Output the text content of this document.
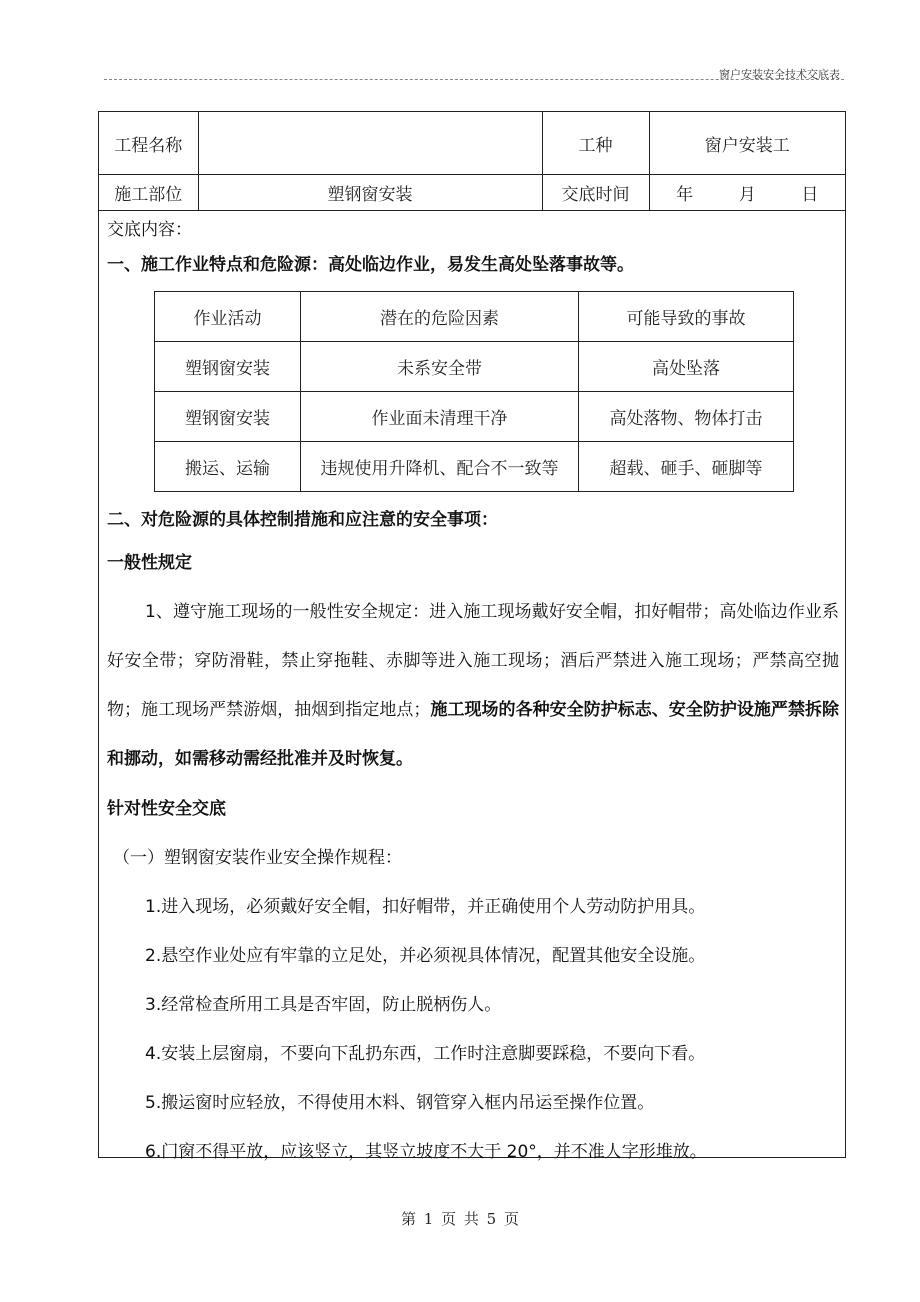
窗户安装安全技术交底表
工程名称		工种	窗户安装工
施工部位	塑钢窗安装	交底时间	年    月    日
交底内容：
一、施工作业特点和危险源：高处临边作业，易发生高处坠落事故等。
作业活动	潜在的危险因素	可能导致的事故
塑钢窗安装	未系安全带	高处坠落
塑钢窗安装	作业面未清理干净	高处落物、物体打击
搬运、运输	违规使用升降机、配合不一致等	超载、砸手、砸脚等
二、对危险源的具体控制措施和应注意的安全事项：
一般性规定
1、遵守施工现场的一般性安全规定：进入施工现场戴好安全帽，扣好帽带；高处临边作业系好安全带；穿防滑鞋，禁止穿拖鞋、赤脚等进入施工现场；酒后严禁进入施工现场；严禁高空抛物；施工现场严禁游烟，抽烟到指定地点；施工现场的各种安全防护标志、安全防护设施严禁拆除和挪动，如需移动需经批准并及时恢复。
针对性安全交底
（一）塑钢窗安装作业安全操作规程：
1.进入现场，必须戴好安全帽，扣好帽带，并正确使用个人劳动防护用具。
2.悬空作业处应有牢靠的立足处，并必须视具体情况，配置其他安全设施。
3.经常检查所用工具是否牢固，防止脱柄伤人。
4.安装上层窗扇，不要向下乱扔东西，工作时注意脚要踩稳，不要向下看。
5.搬运窗时应轻放，不得使用木料、钢管穿入框内吊运至操作位置。
6.门窗不得平放，应该竖立，其竖立坡度不大于 20°，并不准人字形堆放。
第 1 页 共 5 页
